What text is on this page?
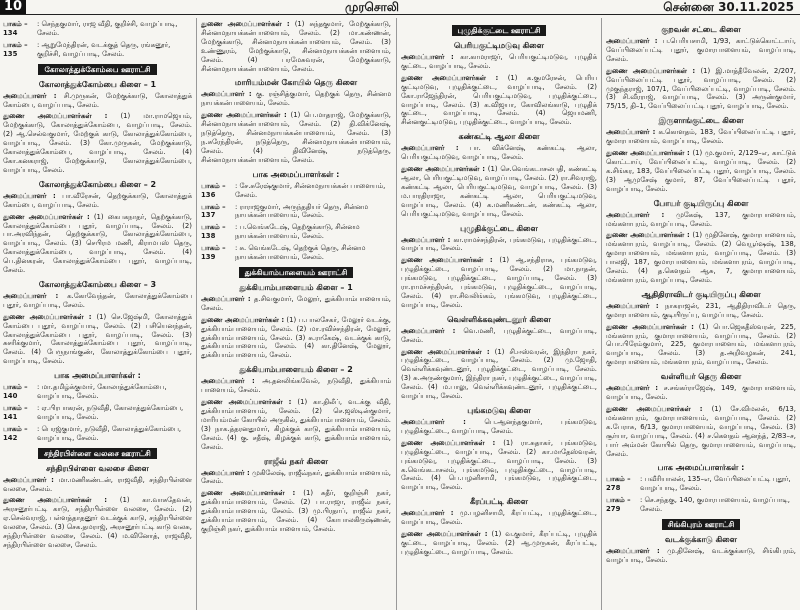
10	முரசொலி	சென்னை 30.11.2025
பாகம் – 134
: செந்தகுமார், ராஜ வீதி, குறிச்சி, வாழப்பாடி, சேலம்.
பாகம் – 135
: ஆறுமேந்திரன், வடக்குத் தெரு, ரங்கனூர், குறிச்சி, வாழப்பாடி, சேலம்.
கோலாத்துக்கோம்பை ஊராட்சி
கோலாத்துக்கோம்பை கிளை – 1

அமைப்பாளர் : சி.முருகன், மேற்குக்காடு, கோலாத்துக் கோம்பை, வாழப்பாடி, சேலம்.

துணை அமைப்பாளர்கள் : (1) மா.ராமஜெயம், மேற்குக்காடு, கோலாத்துக்கோம்பை, வாழப்பாடி, சேலம். (2) ஆ.செல்வகுமார், மேற்குக் காடு, கோலாத்துக்கோம்பை, வாழப்பாடி, சேலம். (3) கோ.முருகன், மேற்குக்காடு, கோலாத்துக்கோம்பை, வாழப்பாடி, சேலம். (4) கோ.கனகராஜ், மேற்குக்காடு, கோலாத்துக்கோம்பை, வாழப்பாடி, சேலம்.

கோலாத்துக்கோம்பை கிளை – 2

அமைப்பாளர் : பா.வீரேசன், தெற்குக்காடு, கோலாத்துக் கோம்பை, வாழப்பாடி, சேலம்.

துணை அமைப்பாளர்கள் : (1) கைபகநாதர், தெற்குக்காடு, கோலாத்துக்கோம்பை புதூர், வாழப்பாடி, சேலம். (2) பா.அரவிந்தன், தெற்குக்காடு, கோலாத்துக்கோம்பை, வாழப்பாடி, சேலம். (3) செபிரம மணி, கிராமபஸ் தெரு, கோலாத்துக்கோம்பை, வாழப்பாடி, சேலம். (4) பெ.தினகரன், கோலாத்துக்கோம்பை புதூர், வாழப்பாடி, சேலம்.

கோலாத்துக்கோம்பை கிளை – 3

அமைப்பாளர் : க.கோவேந்தன், கோலாத்துக்கோம்பை புதூர், வாழப்பாடி, சேலம்.

துணை அமைப்பாளர்கள் : (1) செ.ஜேஷ்மி, கோலாத்துக் கோம்பை புதூர், வாழப்பாடி, சேலம். (2) பசியெனந்தன், கோலாத்துக்கோம்பை புதூர், வாழப்பாடி, சேலம். (3) சுசரிக்குமார், கோலாத்துக்கோம்பை புதூர், வாழப்பாடி, சேலம். (4) பேருநாங்குண், கோலாத்துக்கோம்பை புதூர், வாழப்பாடி, சேலம்.

பாக அமைப்பாளர்கள் :
பாகம் – 140
: மா.தமிழ்க்குமார், கோலாத்துக்கோம்பை, வாழப்பாடி, சேலம்.
பாகம் – 141
: ஏ.பிரபாகரன், நடுவீதி, கோலாத்துக்கோம்பை, வாழப்பாடி, சேலம்.
பாகம் – 142
: பெரஜ்குமார், நடுவீதி, கோலாத்துக்கோம்பை, வாழப்பாடி, சேலம்.
சந்திரபிள்ளை வலசை ஊராட்சி
சந்திரபிள்ளை வலசை கிளை

அமைப்பாளர் : மா.மணிகண்டன், ராஜவீதி, சந்திரபிள்ளை வலசை, சேலம்.

துணை அமைப்பாளர்கள் : (1) கா.வாசுதேவன், அரசனூர்பட்டி காடு, சந்திரபிள்ளை வலசை, சேலம். (2) ஏ.செல்வராஜ், பள்ளத்தாதனூர் வடக்குக் காடு, சந்திரபிள்ளை வலசை, சேலம். (3) செக.தமராஜ், அரசனூர்பட்டி காடு வலசு, சந்திரபிள்ளை வலசை, சேலம். (4) ம.வினோத், ராஜவீதி, சந்திரபிள்ளை வலசை, சேலம்.

துணை அமைப்பாளர்கள் : (1) சுந்தகுமார், மேற்குக்காடு, சின்னமநாயக்கன்பாளையம், சேலம். (2) மா.கண்ணன், மேற்குக்காடு, சின்னமநாயக்கன்பாளையம், சேலம். (3) உண்ணுரம், மேற்குக்காடு, சின்னமநாயக்கன்பாளையம், சேலம். (4) பரமேசுவரன், மேற்குக்காடு, சின்னமநாயக்கன்பாளையம், சேலம்.

மாரியம்மன் கோயில் தெரு கிளை

அமைப்பாளர் : கு. ரஞ்சித்குமார், தெற்குக் தெரு, சின்னம நாயக்கன்பாளையம், சேலம்.

துணை அமைப்பாளர்கள் : (1) பெ.மாதராஜ், மேற்குக்காடு, சின்னமநாயக்கன்பாளையம், சேலம். (2) தி.விக்னேஷ், நடுத்தெரு, சின்னமநாயக்கன்பாளையம், சேலம். (3) ந.சுரேந்திரன், நடுத்தெரு, சின்னமநாயக்கன்பாளையம், சேலம். (4) திவினேஷ், நடுத்தெரு, சின்னமநாயக்கன்பாளையம், சேலம்.

பாக அமைப்பாளர்கள் :
பாகம் – 136
: சே.சுரேஷ்குமார், சின்னமநாயக்கன் பாளையம், சேலம்.
பாகம் – 137
: ராராஜகுமார், அருந்ததியர் தெரு, சின்னம நாயக்கன்பாளையம், சேலம்.
பாகம் – 138
: ப.வெங்கடேஷ், தெற்குக்காடு, சின்னம நாயக்கன்பாளையம், சேலம்.
பாகம் – 139
: சு. வெங்கடேஷ், தெற்குக் தெரு, சின்னம நாயக்கன்பாளையம், சேலம்.
துக்கியாம்பாளையம் ஊராட்சி
துக்கியாம்பாளையம் கிளை – 1

அமைப்பாளர் : த.சிவகுமார், மேலூர், துக்கியாம்பாளையம், சேலம்.

துணை அமைப்பாளர்கள் : (1) ப.பாலசேகர், மேலூர் வடக்கு, துக்கியாம்பாளையம், சேலம். (2) மா.ரவிச்சந்திரன், மேலூர், துக்கியாம்பாளையம், சேலம். (3) சு.ராகேஷ், வடக்குக் காடு, துக்கியாம்பாளையம், சேலம். (4) கா.தினேஷ், மேலூர், துக்கியாம்பாளையம், சேலம்.

துக்கியாம்பாளையம் கிளை – 2

அமைப்பாளர் : அ.தனலிங்கவேல், நடுவீதி, துக்கியாம் பாளையம், சேலம்.

துணை அமைப்பாளர்கள் : (1) கா.திலீப், வடக்கு வீதி, துக்கியாம்பாளையம், சேலம். (2) செ.ஜஸ்டின்குமார், மாரியம்மன் கோயில் அருகில், துக்கியாம்பாளையம், சேலம். (3) நாக.த்தரனதுமார், கிழக்குக் காடு, துக்கியாம்பாளையம், சேலம். (4) கு. சதீஷ், கிழக்குக் காடு, துக்கியாம்பாளையம், சேலம்.

ராஜீவ் நகர் கிளை

அமைப்பாளர் : முகிலேஷ், ராஜீவ்நகர், துக்கியாம்பாளையம், சேலம்.

துணை அமைப்பாளர்கள் : (1) சுதீர், குறிஞ்சி நகர், துக்கியாம்பாளையம், சேலம். (2) பா.ராஜா, ராஜீவ் நகர், துக்கியாம்பாளையம், சேலம். (3) மு.பிரதாப், ராஜீவ் நகர், துக்கியாம்பாளையம், சேலம். (4) கோபாலகிருஷ்ணன், குறிஞ்சி நகர், துக்கியாம்பாளையம், சேலம்.

புழுதிக்குட்டை ஊராட்சி
பெரியகுட்டிமடுவு கிளை

அமைப்பாளர் : கா.காமராஜர், பெரியகுட்டிமடுவு, புழுதிக் குட்டை, வாழப்பாடி, சேலம்.

துணை அமைப்பாளர்கள் : (1) க.குமரேசன், பெரிய குட்டிமடுவு, புழுதிக்குட்டை, வாழப்பாடி, சேலம். (2) கோ.ராஜேந்திரன், பெரியகுட்டிமடுவு, புழுதிக்குட்டை, வாழப்பாடி, சேலம். (3) க.விஜயா, கோவிலங்காடு, புழுதிக் குட்டை, வாழப்பாடி, சேலம். (4) ஜெயமணி, சின்னகுட்டிமடுவு, புழுதிக்குட்டை, வாழப்பாடி, சேலம்.

கண்கட்டி ஆலா கிளை

அமைப்பாளர் : பா. விக்னேஷ், கண்கட்டி ஆலா, பெரியகுட்டிமடுவு, வாழப்பாடி, சேலம்.

துணை அமைப்பாளர்கள் : (1) செ.வெங்கடாசலபதி, கண்கட்டி ஆலா, பெரியகுட்டிமடுவு, வாழப்பாடி, சேலம். (2) ரா.சிவராஜ், கண்கட்டி ஆலா, பெரியகுட்டிமடுவு, வாழப்பாடி, சேலம். (3) ம.பாரதிராஜா, கண்கட்டி ஆலா, பெரியகுட்டிமடுவு, வாழப்பாடி, சேலம். (4) க.மணிகண்டன், கண்கட்டி ஆலா, பெரியகுட்டிமடுவு, வாழப்பாடி, சேலம்.

புழுதிக்குட்டை கிளை

அமைப்பாளர் : கா.ராமச்சந்திரன், புங்கமடுவு, புழுதிக்குட்டை, வாழப்பாடி, சேலம்.

துணை அமைப்பாளர்கள் : (1) ஆ.சந்திராசு, புங்கமடுவு, புழுதிக்குட்டை, வாழப்பாடி, சேலம். (2) மா.நாதன், புங்கமடுவு, புழுதிக்குட்டை, வாழப்பாடி, சேலம். (3) ரா.ராமச்சந்திரன், புங்கமடுவு, புழுதிக்குட்டை, வாழப்பாடி, சேலம். (4) ரா.சிவலிங்கம், புங்கமடுவு, புழுதிக்குட்டை, வாழப்பாடி, சேலம்.

வெள்ளிக்கவுண்டனூர் கிளை

அமைப்பாளர் : வெ.மணி, புழுதிக்குட்டை, வாழப்பாடி, சேலம்.

துணை அமைப்பாளர்கள் : (1) சி.ஈஸ்வரன், இந்திரா நகர், புழுதிக்குட்டை, வாழப்பாடி, சேலம். (2) மு.ஜோதி, வெள்ளிக்கவுண்டனூர், புழுதிக்குட்டை, வாழப்பாடி, சேலம். (3) சு.அருண்குமார், இந்திரா நகர், புழுதிக்குட்டை, வாழப்பாடி, சேலம். (4) ம.பாலு, வெள்ளிக்கவுண்டனூர், புழுதிக்குட்டை, வாழப்பாடி, சேலம்.

புங்கமடுவு கிளை

அமைப்பாளர் :	பெ.ஆனந்தகுமார், புங்கமடுவு, புழுதிக்குட்டை, வாழப்பாடி, சேலம்.

துணை அமைப்பாளர்கள் : (1) ரா.சுதாகர், புங்கமடுவு, புழுதிக்குட்டை, வாழப்பாடி, சேலம். (2) கா.மாதேஸ்வரன், புங்கமடுவு, புழுதிக்குட்டை, வாழப்பாடி, சேலம். (3) க.வெங்கடாசலம், புங்கமடுவு, புழுதிக்குட்டை, வாழப்பாடி, சேலம். (4) பெ.பழனிசாமி, புங்கமடுவு, புழுதிக்குட்டை, வாழப்பாடி, சேலம்.

கீரப்பட்டி கிளை

அமைப்பாளர் : மு.பழனிசாமி, கீரப்பட்டி, புழுதிக்குட்டை, வாழப்பாடி, சேலம்.

துணை அமைப்பாளர்கள் : (1) வ.குமார், கீரப்பட்டி, புழுதிக் குட்டை, வாழப்பாடி, சேலம். (2) ஆ.முருகன், கீரப்பட்டி, புழுதிக்குட்டை, வாழப்பாடி, சேலம்.

குறவன் சட்டை கிளை

அமைப்பாளர் : ப.பெரியசாமி, 1/93, காட்டுக்கொட்டாய், வேப்பிலைப்பட்டி புதூர், குமாரபாளையம், வாழப்பாடி, சேலம்.

துணை அமைப்பாளர்கள் : (1) இ.மாத்தீவேலன், 2/207, வேப்பிலைப்பட்டி புதூர், வாழப்பாடி, சேலம். (2) முகுந்தராஜ், 107/1, வேப்பிலைப்பட்டி, வாழப்பாடி, சேலம். (3) சி.வீரராஜ், வாழப்பாடி, சேலம். (3) அருண்குமார், 75/15, தி–1, வேப்பிலைப்பட்டி புதூர், வாழப்பாடி, சேலம்.

இருளாங்குட்டை கிளை

அமைப்பாளர் : க.கொளதம், 183, வேப்பிலைப்பட்டி புதூர், குமாரபாளையம், வாழப்பாடி, சேலம்.

துணை அமைப்பாளர்கள் : (1) மு.குமார், 2/129–எ, காட்டுக் கொட்டாய், வேப்பிலைப்பட்டி, வாழப்பாடி, சேலம். (2) க.சிங்கர, 183, வேப்பிலைப்பட்டி புதூர், வாழப்பாடி, சேலம். (3) ஆமுசேஷ் குமார், 87, வேப்பிலைப்பட்டி புதூர், வாழப்பாடி, சேலம்.

போயர் குடியிருப்பு கிளை

அமைப்பாளர் : முகேஷ், 137, குமாரபாளையம், மங்களாபுரம், வாழப்பாடி, சேலம்.

துணை அமைப்பாளர்கள் : (1) முதினேஷ், குமாரபாளையம், மங்களாபுரம், வாழப்பாடி, சேலம். (2) வெயூர்ஷஷ், 138, குமாரபாளையம், மங்களாபுரம், வாழப்பாடி, சேலம். (3) பாலஜி, 187, குமாரபாளையம், மங்களாபுரம், வாழப்பாடி, சேலம். (4) த.கௌதம் ஆசு, 7, குமாரபாளையம், மங்களாபுரம், வாழப்பாடி, சேலம்.

ஆதிதிராவிடர் குடியிருப்பு கிளை

அமைப்பாளர் : நாகராஜன், 231, ஆதிதிராவிடர் தெரு, குமாரபாளையம், குடியிருப்பு, வாழப்பாடி, சேலம்.

துணை அமைப்பாளர்கள் : (1) பொ.ஜெகதீஸ்வரன், 225, மங்களாபுரம், குமாரபாளையம், வாழப்பாடி, சேலம். (2) பொ.பிரேம்குமார், 225, குமாரபாளையம், மங்களாபுரம், வாழப்பாடி, சேலம். (3) த.அறிவழகன், 241, குமாரபாளையம், மங்களாபுரம், வாழப்பாடி, சேலம்.

வள்ளியர் தெரு கிளை

அமைப்பாளர் : ச.சங்கர்ராஜேஷ், 149, குமாரபாளையம், வாழப்பாடி, சேலம்.

துணை அமைப்பாளர்கள் : (1) சே.விமலன், 6/13, மங்களாபுரம், குமாரபாளையம், வாழப்பாடி, சேலம். (2) க.பேராசு, 6/13, குமாரபாளையம், வாழப்பாடி, சேலம். (3) சூர்யா, வாழப்பாடி, சேலம். (4) ச.கௌதம் ஆனந்த், 2/83–ச, பார் அம்மன் கோயில் தெரு, குமாரபாளையம், வாழப்பாடி, சேலம்.

பாக அமைப்பாளர்கள் :
பாகம் – 278
: பவீரியாலன், 135–எ, வேப்பிலைப்பட்டி புதூர், வாழப்பாடி, சேலம்.
பாகம் – 279
: செ.சந்தகு, 140, குமாரபாளையம், வாழப்பாடி, சேலம்.
சிங்கிபுரம் ஊராட்சி
வடக்குக்காடு கிளை

அமைப்பாளர் : மு.தினேஷ், வடக்குக்காடு, சிங்கிபுரம், வாழப்பாடி, சேலம்.
